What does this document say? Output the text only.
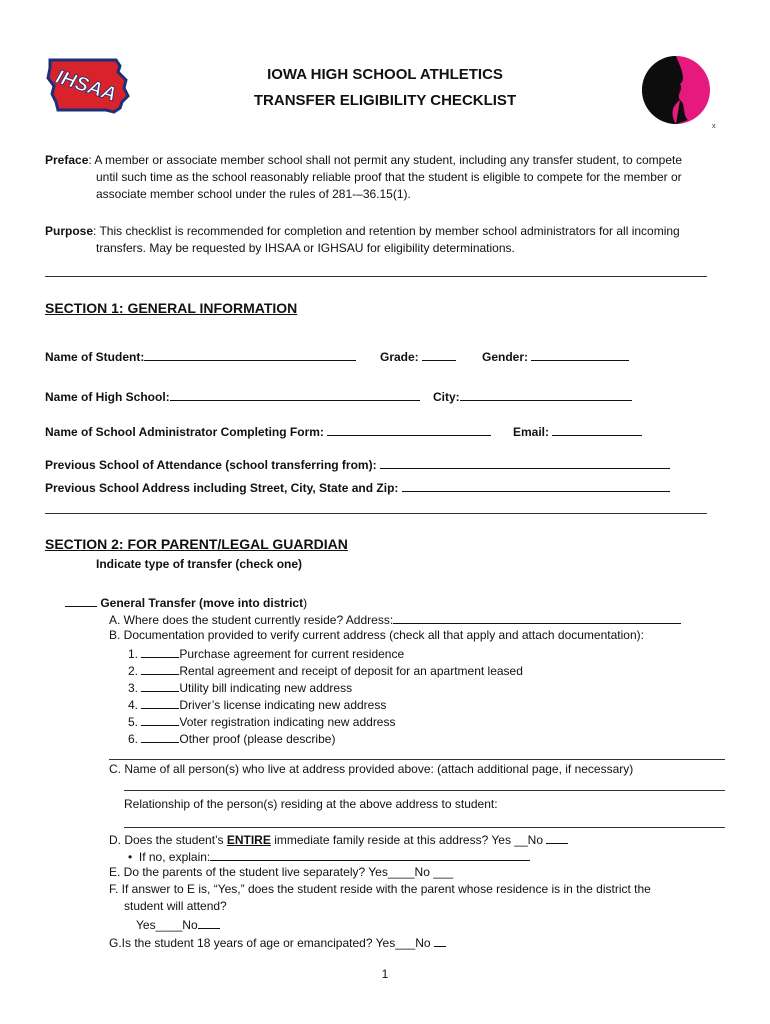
IHSAA	IOWA HIGH SCHOOL ATHLETICS
TRANSFER ELIGIBILITY CHECKLIST
x
Preface: A member or associate member school shall not permit any student, including any transfer student, to compete
until such time as the school reasonably reliable proof that the student is eligible to compete for the member or
associate member school under the rules of 281-–36.15(1).
Purpose: This checklist is recommended for completion and retention by member school administrators for all incoming
transfers. May be requested by IHSAA or IGHSAU for eligibility determinations.
SECTION 1: GENERAL INFORMATION
Name of Student:	Grade:	Gender:
Name of High School:	City:
Name of School Administrator Completing Form:	Email:
Previous School of Attendance (school transferring from):
Previous School Address including Street, City, State and Zip:
SECTION 2: FOR PARENT/LEGAL GUARDIAN
Indicate type of transfer (check one)
General Transfer (move into district)
A. Where does the student currently reside? Address:
B. Documentation provided to verify current address (check all that apply and attach documentation):
1.	Purchase agreement for current residence
2.	Rental agreement and receipt of deposit for an apartment leased
3.	Utility bill indicating new address
4.	Driver’s license indicating new address
5.	Voter registration indicating new address
6.	Other proof (please describe)
C. Name of all person(s) who live at address provided above: (attach additional page, if necessary)
Relationship of the person(s) residing at the above address to student:
D. Does the student’s ENTIRE immediate family reside at this address? Yes __No
• If no, explain:
E. Do the parents of the student live separately? Yes____No ___
F. If answer to E is, “Yes,” does the student reside with the parent whose residence is in the district the
student will attend?
Yes____No
G.Is the student 18 years of age or emancipated? Yes___No
1
